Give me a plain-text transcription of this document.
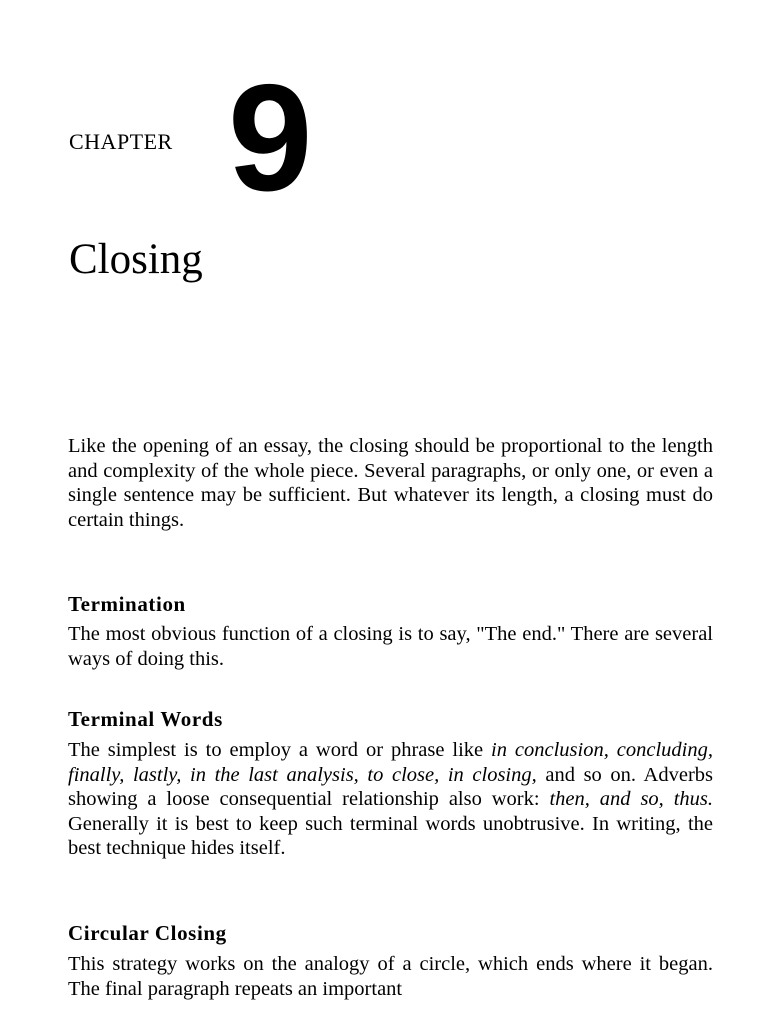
CHAPTER 9
Closing

Like the opening of an essay, the closing should be proportional to the length and complexity of the whole piece. Several paragraphs, or only one, or even a single sentence may be sufficient. But whatever its length, a closing must do certain things.

Termination

The most obvious function of a closing is to say, "The end." There are several ways of doing this.

Terminal Words

The simplest is to employ a word or phrase like in conclusion, concluding, finally, lastly, in the last analysis, to close, in closing, and so on. Adverbs showing a loose consequential relationship also work: then, and so, thus. Generally it is best to keep such terminal words unobtrusive. In writing, the best technique hides itself.

Circular Closing

This strategy works on the analogy of a circle, which ends where it began. The final paragraph repeats an important
